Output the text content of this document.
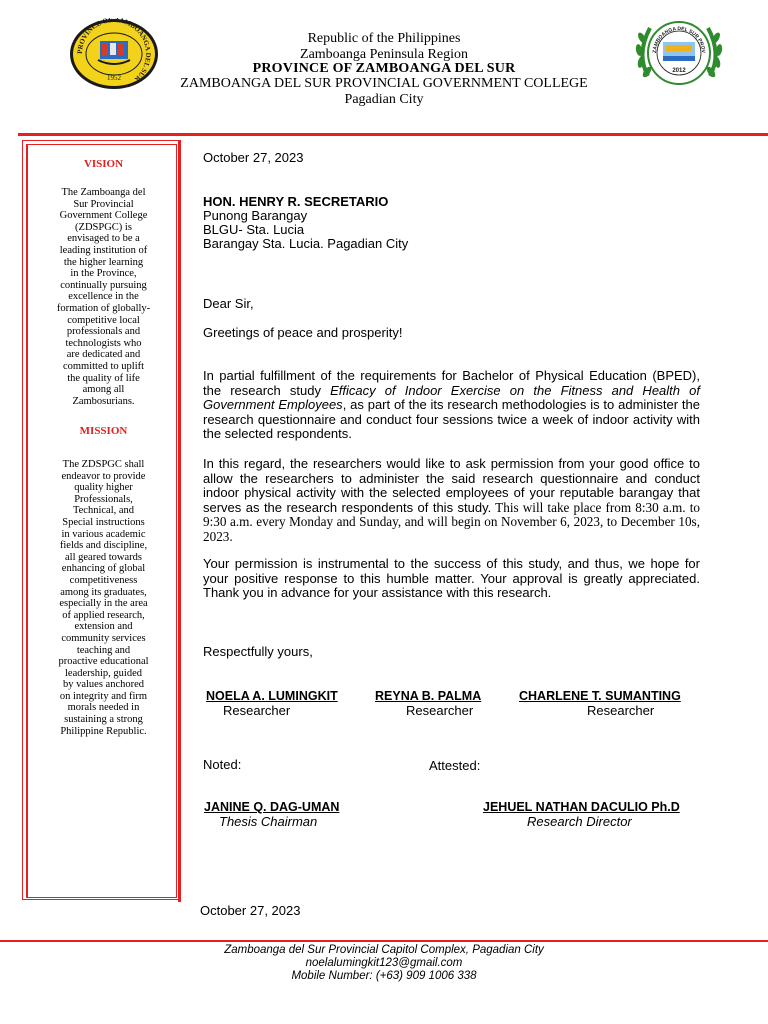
PROVINCE OF ZAMBOANGA DEL SUR
1952
ZAMBOANGA DEL SUR PROV
2012
Republic of the Philippines
Zamboanga Peninsula Region
PROVINCE OF ZAMBOANGA DEL SUR
ZAMBOANGA DEL SUR PROVINCIAL GOVERNMENT COLLEGE
Pagadian City
VISION
The Zamboanga del
Sur Provincial
Government College
(ZDSPGC) is
envisaged to be a
leading institution of
the higher learning
in the Province,
continually pursuing
excellence in the
formation of globally-
competitive local
professionals and
technologists who
are dedicated and
committed to uplift
the quality of life
among all
Zambosurians.
MISSION
The ZDSPGC shall
endeavor to provide
quality higher
Professionals,
Technical, and
Special instructions
in various academic
fields and discipline,
all geared towards
enhancing of global
competitiveness
among its graduates,
especially in the area
of applied research,
extension and
community services
teaching and
proactive educational
leadership, guided
by values anchored
on integrity and firm
morals needed in
sustaining a strong
Philippine Republic.
October 27, 2023
HON. HENRY R. SECRETARIO
Punong Barangay
BLGU- Sta. Lucia
Barangay Sta. Lucia. Pagadian City
Dear Sir,
Greetings of peace and prosperity!
In partial fulfillment of the requirements for Bachelor of Physical Education (BPED), the research study Efficacy of Indoor Exercise on the Fitness and Health of Government Employees, as part of the its research methodologies is to administer the research questionnaire and conduct four sessions twice a week of indoor activity with the selected respondents.
In this regard, the researchers would like to ask permission from your good office to allow the researchers to administer the said research questionnaire and conduct indoor physical activity with the selected employees of your reputable barangay that serves as the research respondents of this study. This will take place from 8:30 a.m. to 9:30 a.m. every Monday and Sunday, and will begin on November 6, 2023, to December 10s, 2023.
Your permission is instrumental to the success of this study, and thus, we hope for your positive response to this humble matter. Your approval is greatly appreciated. Thank you in advance for your assistance with this research.
Respectfully yours,
NOELA A. LUMINGKIT
Researcher
REYNA B. PALMA
Researcher
CHARLENE T. SUMANTING
Researcher
Noted:	Attested:
JANINE Q. DAG-UMAN
Thesis Chairman
JEHUEL NATHAN DACULIO Ph.D
Research Director
October 27, 2023
Zamboanga del Sur Provincial Capitol Complex, Pagadian City
noelalumingkit123@gmail.com
Mobile Number: (+63) 909 1006 338
